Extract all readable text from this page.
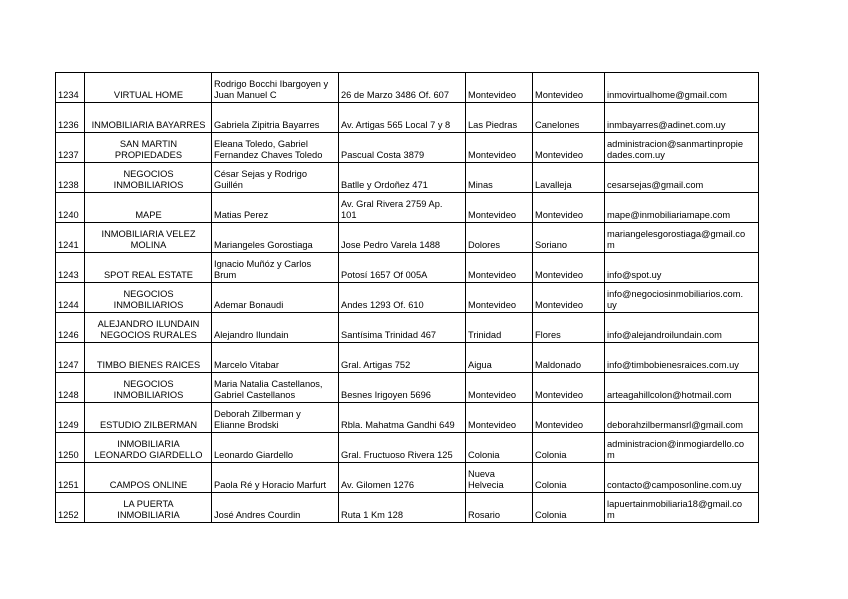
1234	VIRTUAL HOME	Rodrigo Bocchi Ibargoyen y
Juan Manuel C	26 de Marzo 3486 Of. 607	Montevideo	Montevideo	inmovirtualhome@gmail.com
1236	INMOBILIARIA BAYARRES	Gabriela Zipitria Bayarres	Av. Artigas 565 Local 7 y 8	Las Piedras	Canelones	inmbayarres@adinet.com.uy
1237	SAN MARTIN
PROPIEDADES	Eleana Toledo, Gabriel
Fernandez Chaves Toledo	Pascual Costa 3879	Montevideo	Montevideo	administracion@sanmartinpropie
dades.com.uy
1238	NEGOCIOS
INMOBILIARIOS	César Sejas y Rodrigo
Guillén	Batlle y Ordoñez 471	Minas	Lavalleja	cesarsejas@gmail.com
1240	MAPE	Matias Perez	Av. Gral Rivera 2759 Ap.
101	Montevideo	Montevideo	mape@inmobiliariamape.com
1241	INMOBILIARIA VELEZ
MOLINA	Mariangeles Gorostiaga	Jose Pedro Varela 1488	Dolores	Soriano	mariangelesgorostiaga@gmail.co
m
1243	SPOT REAL ESTATE	Ignacio Muñóz y Carlos
Brum	Potosí 1657 Of 005A	Montevideo	Montevideo	info@spot.uy
1244	NEGOCIOS
INMOBILIARIOS	Ademar Bonaudi	Andes 1293 Of. 610	Montevideo	Montevideo	info@negociosinmobiliarios.com.
uy
1246	ALEJANDRO ILUNDAIN
NEGOCIOS RURALES	Alejandro Ilundain	Santísima Trinidad 467	Trinidad	Flores	info@alejandroilundain.com
1247	TIMBO BIENES RAICES	Marcelo Vitabar	Gral. Artigas 752	Aigua	Maldonado	info@timbobienesraices.com.uy
1248	NEGOCIOS
INMOBILIARIOS	Maria Natalia Castellanos,
Gabriel Castellanos	Besnes Irigoyen 5696	Montevideo	Montevideo	arteagahillcolon@hotmail.com
1249	ESTUDIO ZILBERMAN	Deborah Zilberman y
Elianne Brodski	Rbla. Mahatma Gandhi 649	Montevideo	Montevideo	deborahzilbermansrl@gmail.com
1250	INMOBILIARIA
LEONARDO GIARDELLO	Leonardo Giardello	Gral. Fructuoso Rivera 125	Colonia	Colonia	administracion@inmogiardello.co
m
1251	CAMPOS ONLINE	Paola Ré y Horacio Marfurt	Av. Gilomen 1276	Nueva
Helvecia	Colonia	contacto@camposonline.com.uy
1252	LA PUERTA
INMOBILIARIA	José Andres Courdin	Ruta 1 Km 128	Rosario	Colonia	lapuertainmobiliaria18@gmail.co
m
